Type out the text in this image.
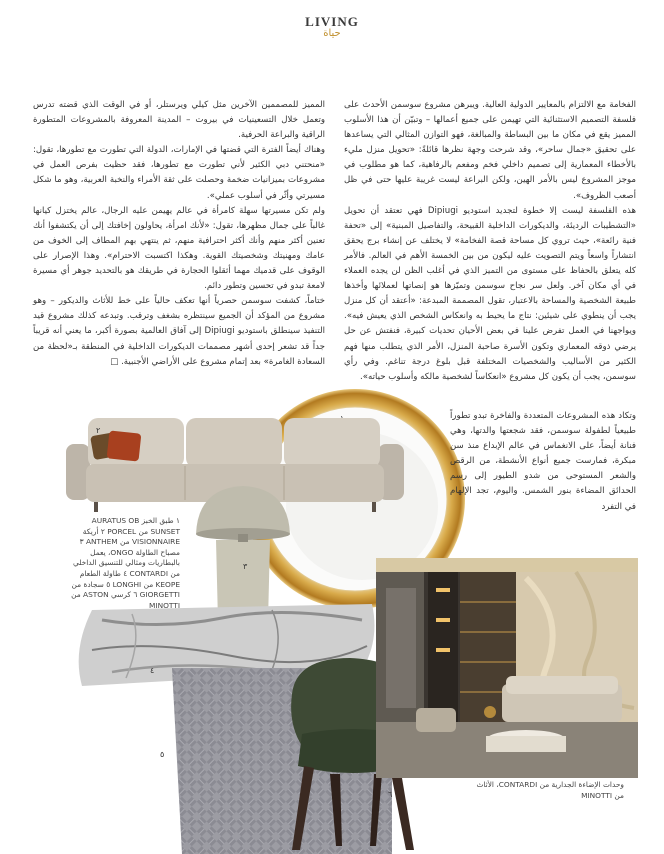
LIVING
حياة

الفخامة مع الالتزام بالمعايير الدولية العالية. ويبرهن مشروع سوسمن الأحدث على فلسفة التصميم الاستثنائية التي تهيمن على جميع أعمالها – وتبيّن أن هذا الأسلوب المميز يقع في مكان ما بين البساطة والمبالغة، فهو التوازن المثالي التي يساعدها على تحقيق «جمال ساحر»، وقد شرحت وجهة نظرها قائلةً: «تحويل منزل مليء بالأخطاء المعمارية إلى تصميم داخلي فخم ومفعم بالرفاهية، كما هو مطلوب في موجز المشروع ليس بالأمر الهين، ولكن البراعة ليست غريبة عليها حتى في ظل أصعب الظروف».

هذه الفلسفة ليست إلا خطوة لتجديد استوديو Dipiugi فهي تعتقد أن تحويل «التشطيبات الرديئة، والديكورات الداخلية القبيحة، والتفاصيل المبنية» إلى «تحفة فنية رائعة»، حيث تروي كل مساحة قصة الفخامة» لا يختلف عن إنشاء برج يحقق انتشاراً واسعاً ويتم التصويت عليه ليكون من بين الخمسة الأهم في العالم. فالأمر كله يتعلق بالحفاظ على مستوى من التميز الذي في أغلب الظن لن يجده العملاء في أي مكان آخر. ولعل سر نجاح سوسمن وتميّزها هو إنصاتها لعملائها وأخذها طبيعة الشخصية والمساحة بالاعتبار، تقول المصممة المبدعة: «أعتقد أن كل منزل يجب أن ينطوي على شيئين: نتاج ما يحيط به وانعكاس الشخص الذي يعيش فيه». ويواجهنا في العمل تفرض علينا في بعض الأحيان تحديات كبيرة، فنفتش عن حل يرضي ذوقه المعماري وتكون الأسرة صاحبة المنزل، الأمر الذي يتطلب منها فهم الكثير من الأساليب والشخصيات المختلفة قبل بلوغ درجة تناغم. وفي رأي سوسمن، يجب أن يكون كل مشروع «انعكاساً لشخصية مالكه وأسلوب حياته».

المميز للمصممين الآخرين مثل كيلي ويرستلر، أو في الوقت الذي قضته تدرس وتعمل خلال التسعينيات في بيروت – المدينة المعروفة بالمشروعات المتطورة الراقية والبراعة الحرفية.

وهناك أيضاً الفترة التي قضتها في الإمارات، الدولة التي تطورت مع تطورها، تقول: «منحتني دبي الكثير لأني تطورت مع تطورها، فقد حظيت بفرص العمل في مشروعات بميزانيات ضخمة وحصلت على ثقة الأمراء والنخبة العربية، وهو ما شكل مسيرتي وأثّر في أسلوب عملي».

ولم تكن مسيرتها سهلة كامرأة في عالم يهيمن عليه الرجال، عالم يختزل كيانها غالباً على جمال مظهرها، تقول: «لأنك امرأة، يحاولون إخافتك إلى أن يكتشفوا أنك تعنين أكثر منهم وأنك أكثر احترافية منهم، ثم ينتهي بهم المطاف إلى الخوف من عامك ومهنيتك وشخصيتك القوية. وهكذا اكتسبت الاحترام». وهذا الإصرار على الوقوف على قدميك مهما أثقلوا الحجارة في طريقك هو بالتحديد جوهر أي مسيرة لامعة تبدو في تحسين وتطور دائم.

ختاماً، كشفت سوسمن حصرياً أنها تعكف حالياً على خط للأثاث والديكور – وهو مشروع من المؤكد أن الجميع سينتظره بشغف وترقب. وتبدعه كذلك مشروع قيد التنفيذ سينطلق باستوديو Dipiugi إلى آفاق العالمية بصورة أكبر، ما يعني أنه قريباً جداً قد تشعر إحدى أشهر مصممات الديكورات الداخلية في المنطقة بـ«لحظة من السعادة الغامرة» بعد إتمام مشروع على الأراضي الأجنبية. □

٢
٣
٤
٥
٦

وتكاد هذه المشروعات المتعددة والفاخرة تبدو تطوراً طبيعياً لطفولة سوسمن، فقد شجعتها والدتها، وهي فنانة أيضاً، على الانغماس في عالم الإبداع منذ سن مبكرة، فمارست جميع أنواع الأنشطة، من الرقص والشعر المستوحى من شدو الطيور إلى رسم الحدائق المضاءة بنور الشمس. واليوم، تجد الإلهام في التفرد

١ طبق الخبز AURATUS OB SUNSET من PORCEL ٢ أريكة VISIONNAIRE من ANTHEM ٣ مصباح الطاولة ONGO، يعمل بالبطاريات ومثالي للتنسيق الداخلي من CONTARDI ٤ طاولة الطعام KEOPE من LONGHI ٥ سجادة من GIORGETTI ٦ كرسي ASTON من MINOTTI
وحدات الإضاءة الجدارية من CONTARDI، الأثاث من MINOTTI
